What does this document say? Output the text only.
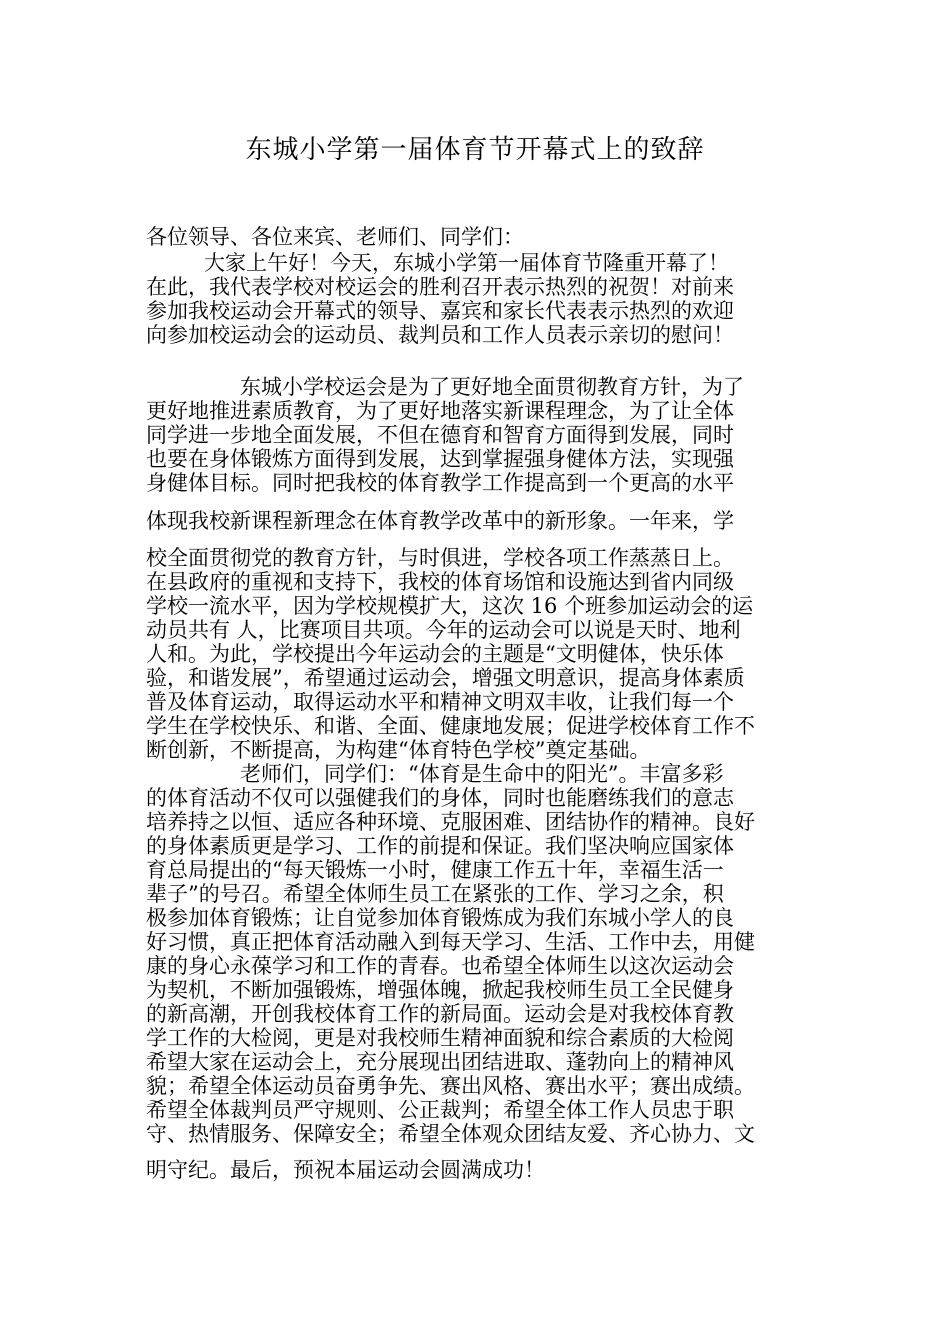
东城小学第一届体育节开幕式上的致辞
各位领导、各位来宾、老师们、同学们：
大家上午好！今天，东城小学第一届体育节隆重开幕了！
在此，我代表学校对校运会的胜利召开表示热烈的祝贺！对前来
参加我校运动会开幕式的领导、嘉宾和家长代表表示热烈的欢迎
向参加校运动会的运动员、裁判员和工作人员表示亲切的慰问！
东城小学校运会是为了更好地全面贯彻教育方针，为了
更好地推进素质教育，为了更好地落实新课程理念，为了让全体
同学进一步地全面发展，不但在德育和智育方面得到发展，同时
也要在身体锻炼方面得到发展，达到掌握强身健体方法，实现强
身健体目标。同时把我校的体育教学工作提高到一个更高的水平
体现我校新课程新理念在体育教学改革中的新形象。一年来，学
校全面贯彻党的教育方针，与时俱进，学校各项工作蒸蒸日上。
在县政府的重视和支持下，我校的体育场馆和设施达到省内同级
学校一流水平，因为学校规模扩大，这次 16 个班参加运动会的运
动员共有 人，比赛项目共项。今年的运动会可以说是天时、地利
人和。为此，学校提出今年运动会的主题是“文明健体，快乐体
验，和谐发展”，希望通过运动会，增强文明意识，提高身体素质
普及体育运动，取得运动水平和精神文明双丰收，让我们每一个
学生在学校快乐、和谐、全面、健康地发展；促进学校体育工作不
断创新，不断提高，为构建“体育特色学校”奠定基础。
老师们，同学们：“体育是生命中的阳光”。丰富多彩
的体育活动不仅可以强健我们的身体，同时也能磨练我们的意志
培养持之以恒、适应各种环境、克服困难、团结协作的精神。良好
的身体素质更是学习、工作的前提和保证。我们坚决响应国家体
育总局提出的“每天锻炼一小时，健康工作五十年，幸福生活一
辈子”的号召。希望全体师生员工在紧张的工作、学习之余，积
极参加体育锻炼；让自觉参加体育锻炼成为我们东城小学人的良
好习惯，真正把体育活动融入到每天学习、生活、工作中去，用健
康的身心永葆学习和工作的青春。也希望全体师生以这次运动会
为契机，不断加强锻炼，增强体魄，掀起我校师生员工全民健身
的新高潮，开创我校体育工作的新局面。运动会是对我校体育教
学工作的大检阅，更是对我校师生精神面貌和综合素质的大检阅
希望大家在运动会上，充分展现出团结进取、蓬勃向上的精神风
貌；希望全体运动员奋勇争先、赛出风格、赛出水平；赛出成绩。
希望全体裁判员严守规则、公正裁判；希望全体工作人员忠于职
守、热情服务、保障安全；希望全体观众团结友爱、齐心协力、文
明守纪。最后，预祝本届运动会圆满成功！
